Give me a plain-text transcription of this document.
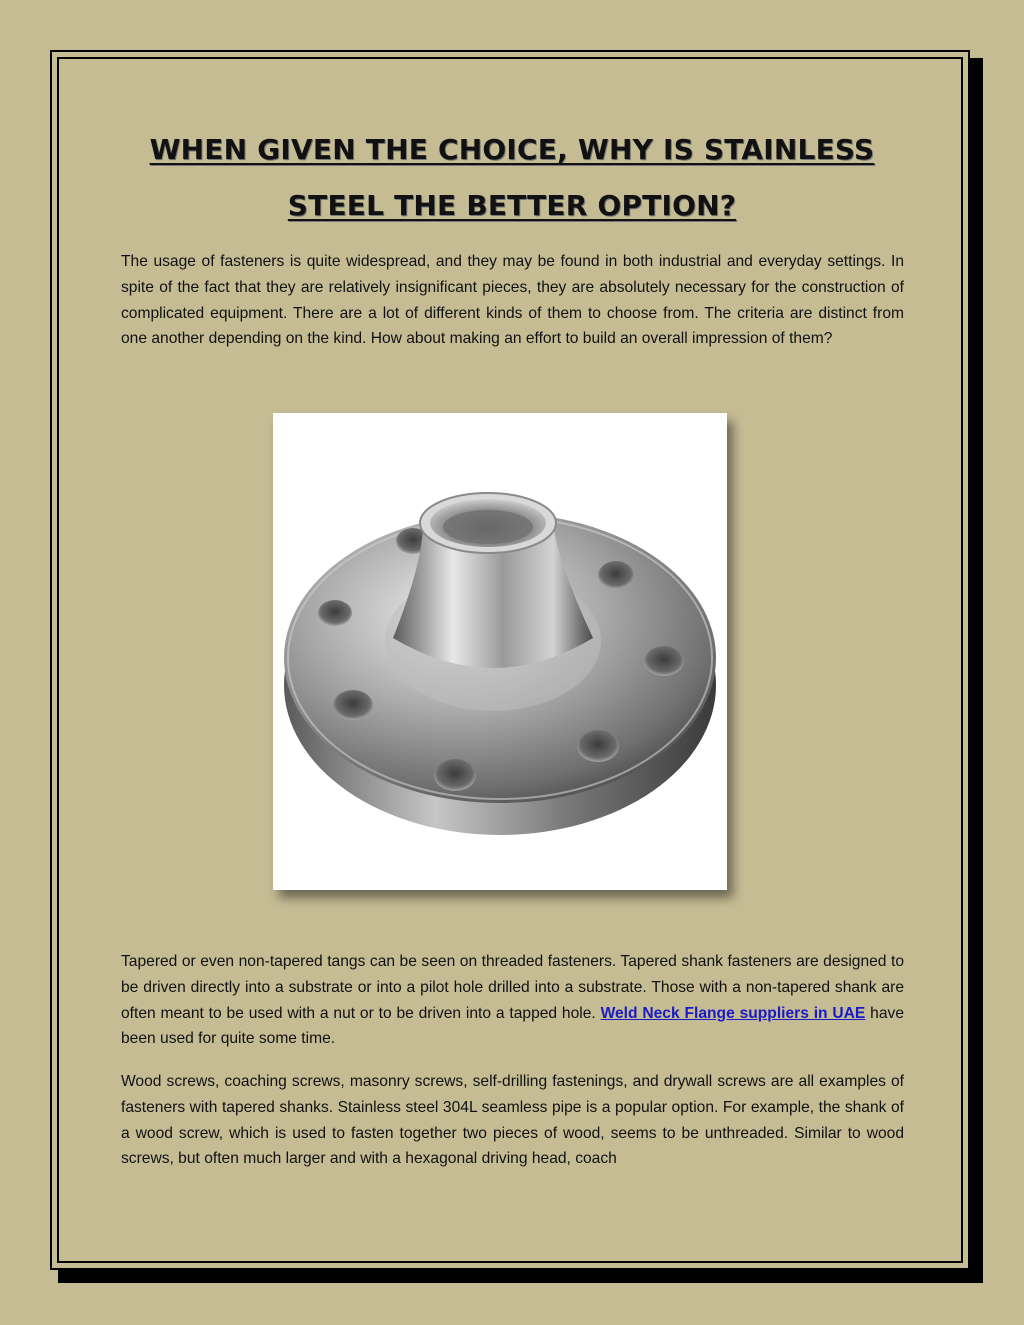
WHEN GIVEN THE CHOICE, WHY IS STAINLESS
STEEL THE BETTER OPTION?

The usage of fasteners is quite widespread, and they may be found in both industrial and everyday settings. In spite of the fact that they are relatively insignificant pieces, they are absolutely necessary for the construction of complicated equipment. There are a lot of different kinds of them to choose from. The criteria are distinct from one another depending on the kind. How about making an effort to build an overall impression of them?

Tapered or even non-tapered tangs can be seen on threaded fasteners. Tapered shank fasteners are designed to be driven directly into a substrate or into a pilot hole drilled into a substrate. Those with a non-tapered shank are often meant to be used with a nut or to be driven into a tapped hole. Weld Neck Flange suppliers in UAE have been used for quite some time.

Wood screws, coaching screws, masonry screws, self-drilling fastenings, and drywall screws are all examples of fasteners with tapered shanks. Stainless steel 304L seamless pipe is a popular option. For example, the shank of a wood screw, which is used to fasten together two pieces of wood, seems to be unthreaded. Similar to wood screws, but often much larger and with a hexagonal driving head, coach
